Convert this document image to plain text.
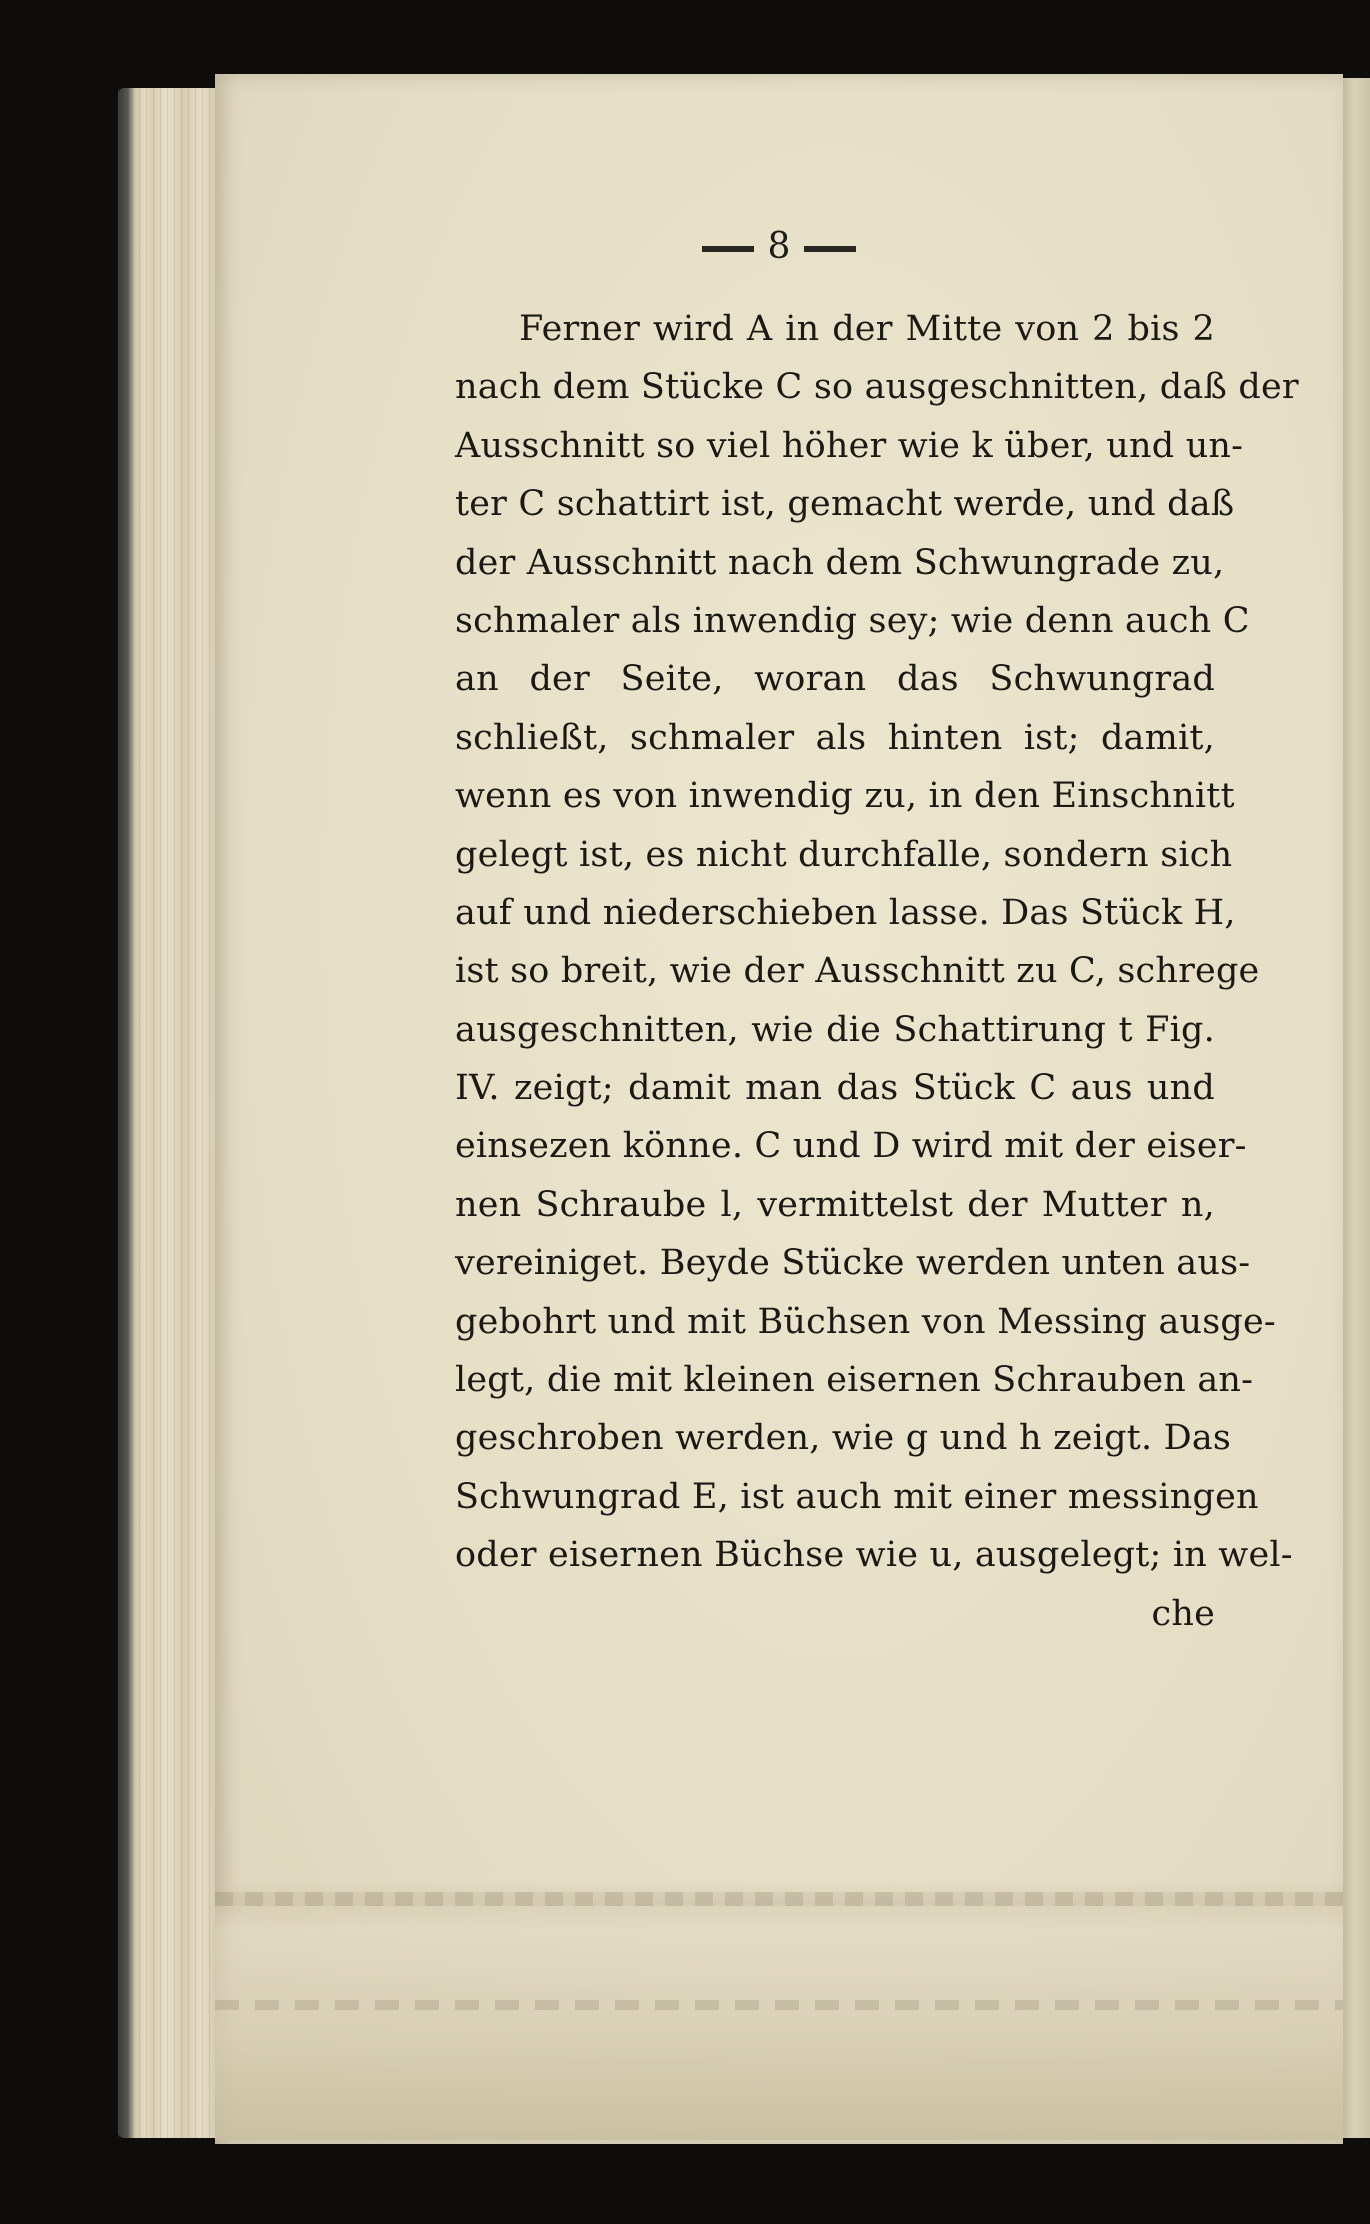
8
Ferner wird A in der Mitte von 2 bis 2
nach dem Stücke C so ausgeschnitten, daß der
Ausschnitt so viel höher wie k über, und un-
ter C schattirt ist, gemacht werde, und daß
der Ausschnitt nach dem Schwungrade zu,
schmaler als inwendig sey; wie denn auch C
an der Seite, woran das Schwungrad
schließt, schmaler als hinten ist; damit,
wenn es von inwendig zu, in den Einschnitt
gelegt ist, es nicht durchfalle, sondern sich
auf und niederschieben lasse. Das Stück H,
ist so breit, wie der Ausschnitt zu C, schrege
ausgeschnitten, wie die Schattirung t Fig.
IV. zeigt; damit man das Stück C aus und
einsezen könne. C und D wird mit der eiser-
nen Schraube l, vermittelst der Mutter n,
vereiniget. Beyde Stücke werden unten aus-
gebohrt und mit Büchsen von Messing ausge-
legt, die mit kleinen eisernen Schrauben an-
geschroben werden, wie g und h zeigt. Das
Schwungrad E, ist auch mit einer messingen
oder eisernen Büchse wie u, ausgelegt; in wel-
che
